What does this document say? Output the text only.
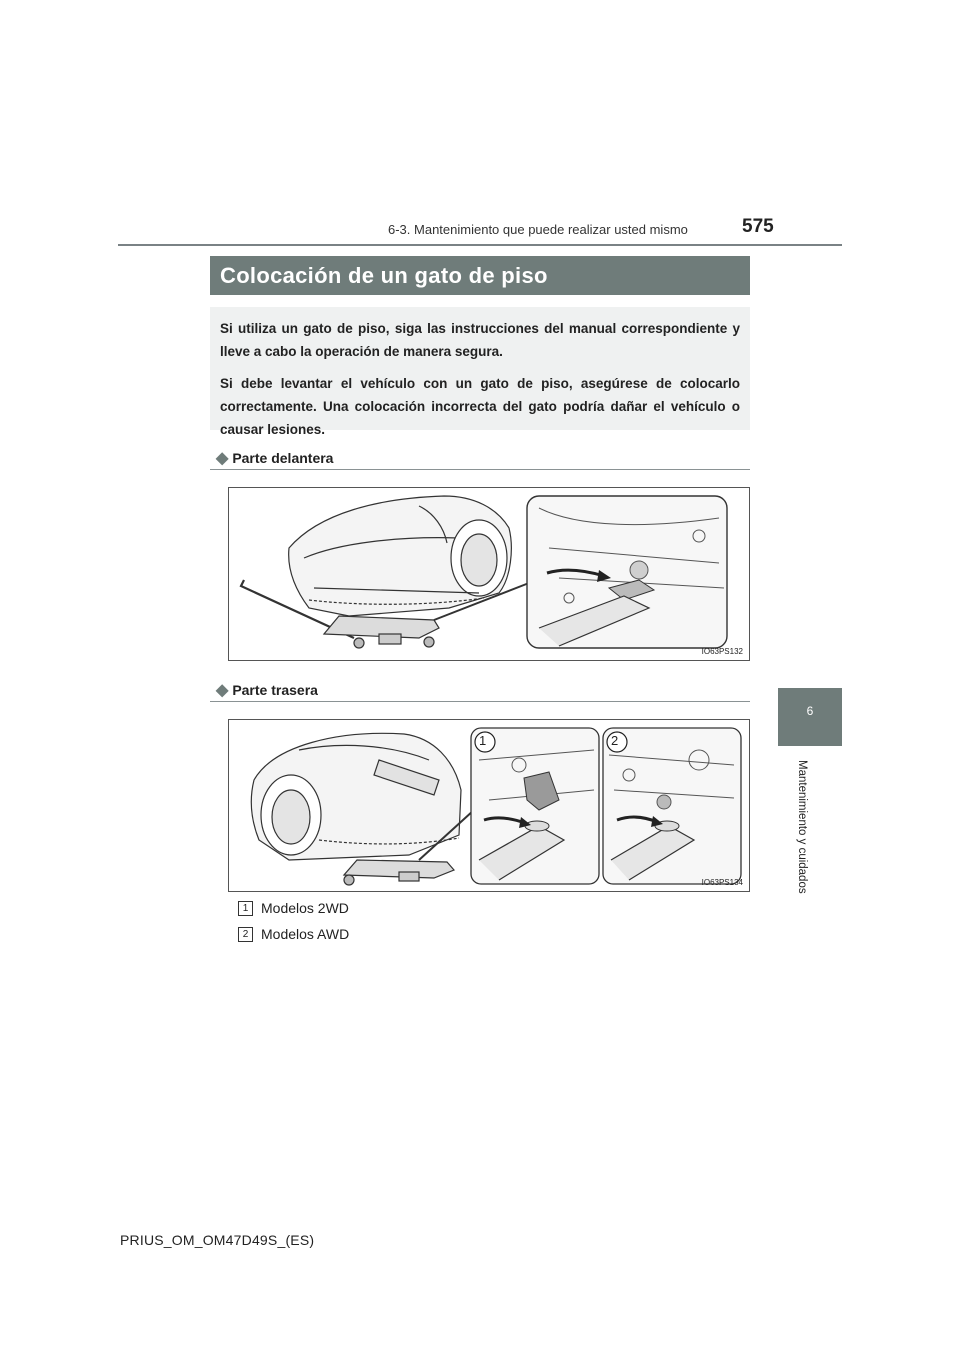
6-3. Mantenimiento que puede realizar usted mismo	575
6
Mantenimiento y cuidados
Colocación de un gato de piso

Si utiliza un gato de piso, siga las instrucciones del manual correspondiente y lleve a cabo la operación de manera segura.

Si debe levantar el vehículo con un gato de piso, asegúrese de colocarlo correctamente. Una colocación incorrecta del gato podría dañar el vehículo o causar lesiones.

◆ Parte delantera
IO63PS132
◆ Parte trasera
1	2
IO63PS134
1 Modelos 2WD
2 Modelos AWD
PRIUS_OM_OM47D49S_(ES)
